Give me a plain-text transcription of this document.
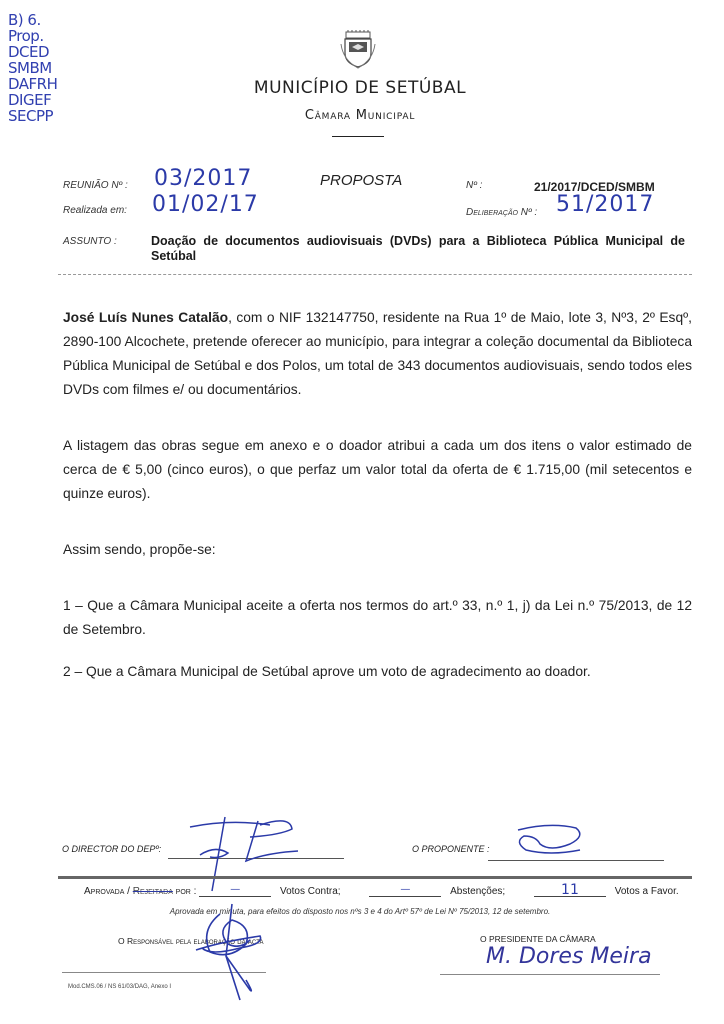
B) 6.
Prop.
DCED
SMBM
DAFRH
DIGEF
SECPP
MUNICÍPIO DE SETÚBAL
Câmara Municipal
REUNIÃO Nº : 03/2017
Realizada em: 01/02/17
PROPOSTA	Nº :	21/2017/DCED/SMBM
Deliberação Nº : 51/2017
ASSUNTO :	Doação de documentos audiovisuais (DVDs) para a Biblioteca Pública Municipal de Setúbal
José Luís Nunes Catalão, com o NIF 132147750, residente na Rua 1º de Maio, lote 3, Nº3, 2º Esqº, 2890-100 Alcochete, pretende oferecer ao município, para integrar a coleção documental da Biblioteca Pública Municipal de Setúbal e dos Polos, um total de 343 documentos audiovisuais, sendo todos eles DVDs com filmes e/ ou documentários.
A listagem das obras segue em anexo e o doador atribui a cada um dos itens o valor estimado de cerca de € 5,00 (cinco euros), o que perfaz um valor total da oferta de € 1.715,00 (mil setecentos e quinze euros).
Assim sendo, propõe-se:
1 – Que a Câmara Municipal aceite a oferta nos termos do art.º 33, n.º 1, j) da Lei n.º 75/2013, de 12 de Setembro.
2 – Que a Câmara Municipal de Setúbal aprove um voto de agradecimento ao doador.
O DIRECTOR DO DEPº:	O PROPONENTE :
Aprovada / Rejeitada por :	—	Votos Contra;	—	Abstenções;	11	Votos a Favor.
Aprovada em minuta, para efeitos do disposto nos nºs 3 e 4 do Artº 57º de Lei Nº 75/2013, 12 de setembro.
O Responsável pela elaboração da acta	O PRESIDENTE DA CÂMARA
M. Dores Meira
Mod.CMS.06 / NS 61/03/DAG, Anexo I
